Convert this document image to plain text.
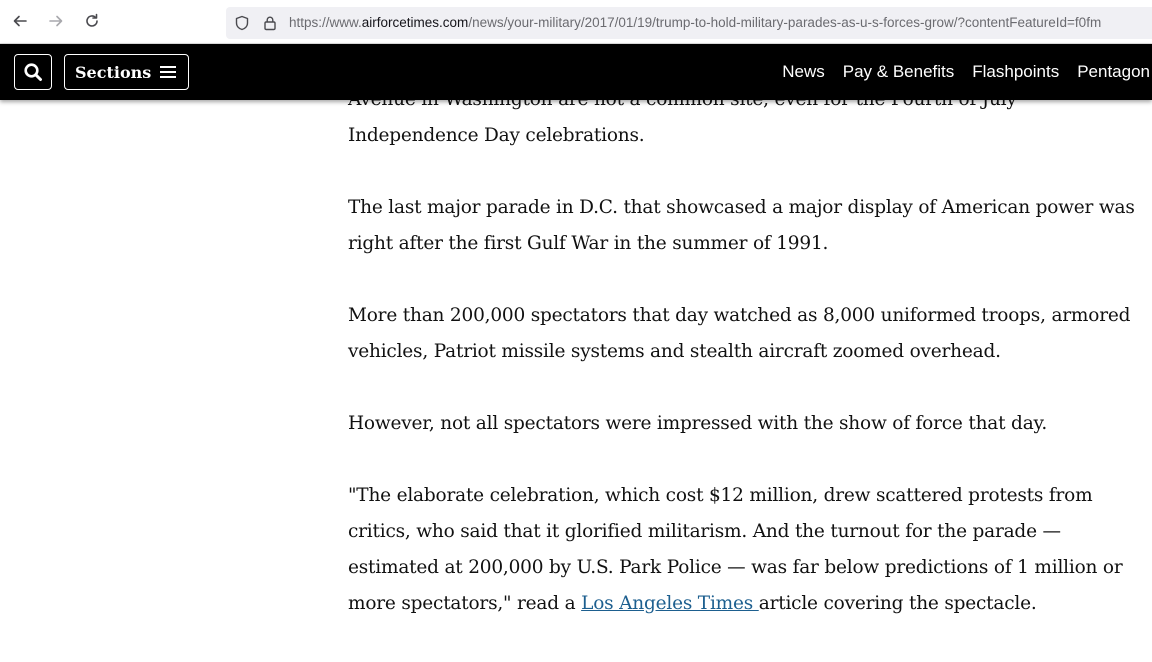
https://www.airforcetimes.com/news/your-military/2017/01/19/trump-to-hold-military-parades-as-u-s-forces-grow/?contentFeatureId=f0fm
Sections	News Pay & Benefits Flashpoints Pentagon

Independence Day celebrations.

The last major parade in D.C. that showcased a major display of American power was right after the first Gulf War in the summer of 1991.

More than 200,000 spectators that day watched as 8,000 uniformed troops, armored vehicles, Patriot missile systems and stealth aircraft zoomed overhead.

However, not all spectators were impressed with the show of force that day.

"The elaborate celebration, which cost $12 million, drew scattered protests from critics, who said that it glorified militarism. And the turnout for the parade — estimated at 200,000 by U.S. Park Police — was far below predictions of 1 million or more spectators," read a Los Angeles Times article covering the spectacle.
